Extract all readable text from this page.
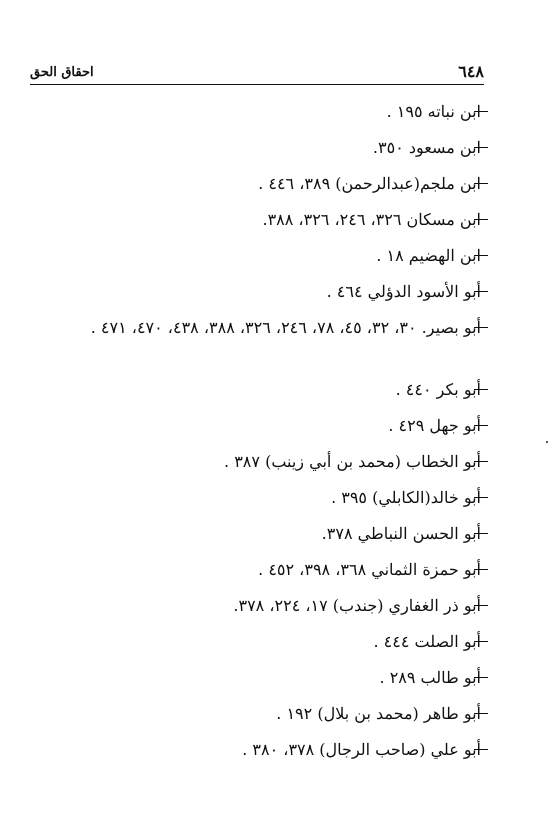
٦٤٨
احقاق الحق
ابن نباته ١٩٥ .
ابن مسعود ٣٥٠.
ابن ملجم(عبدالرحمن) ٣٨٩، ٤٤٦ .
ابن مسكان ٣٢٦، ٢٤٦، ٣٢٦، ٣٨٨.
ابن الهضيم ١٨ .
أبو الأسود الدؤلي ٤٦٤ .
أبو بصير. ٣٠، ٣٢، ٤٥، ٧٨، ٢٤٦، ٣٢٦، ٣٨٨، ٤٣٨، ٤٧٠، ٤٧١ .
أبو بكر ٤٤٠ .
أبو جهل ٤٢٩ .
أبو الخطاب (محمد بن أبي زينب) ٣٨٧ .
أبو خالد(الكابلي) ٣٩٥ .
أبو الحسن النباطي ٣٧٨.
أبو حمزة الثماني ٣٦٨، ٣٩٨، ٤٥٢ .
أبو ذر الغفاري (جندب) ١٧، ٢٢٤، ٣٧٨.
أبو الصلت ٤٤٤ .
أبو طالب ٢٨٩ .
أبو طاهر (محمد بن بلال) ١٩٢ .
أبو علي (صاحب الرجال) ٣٧٨، ٣٨٠ .
